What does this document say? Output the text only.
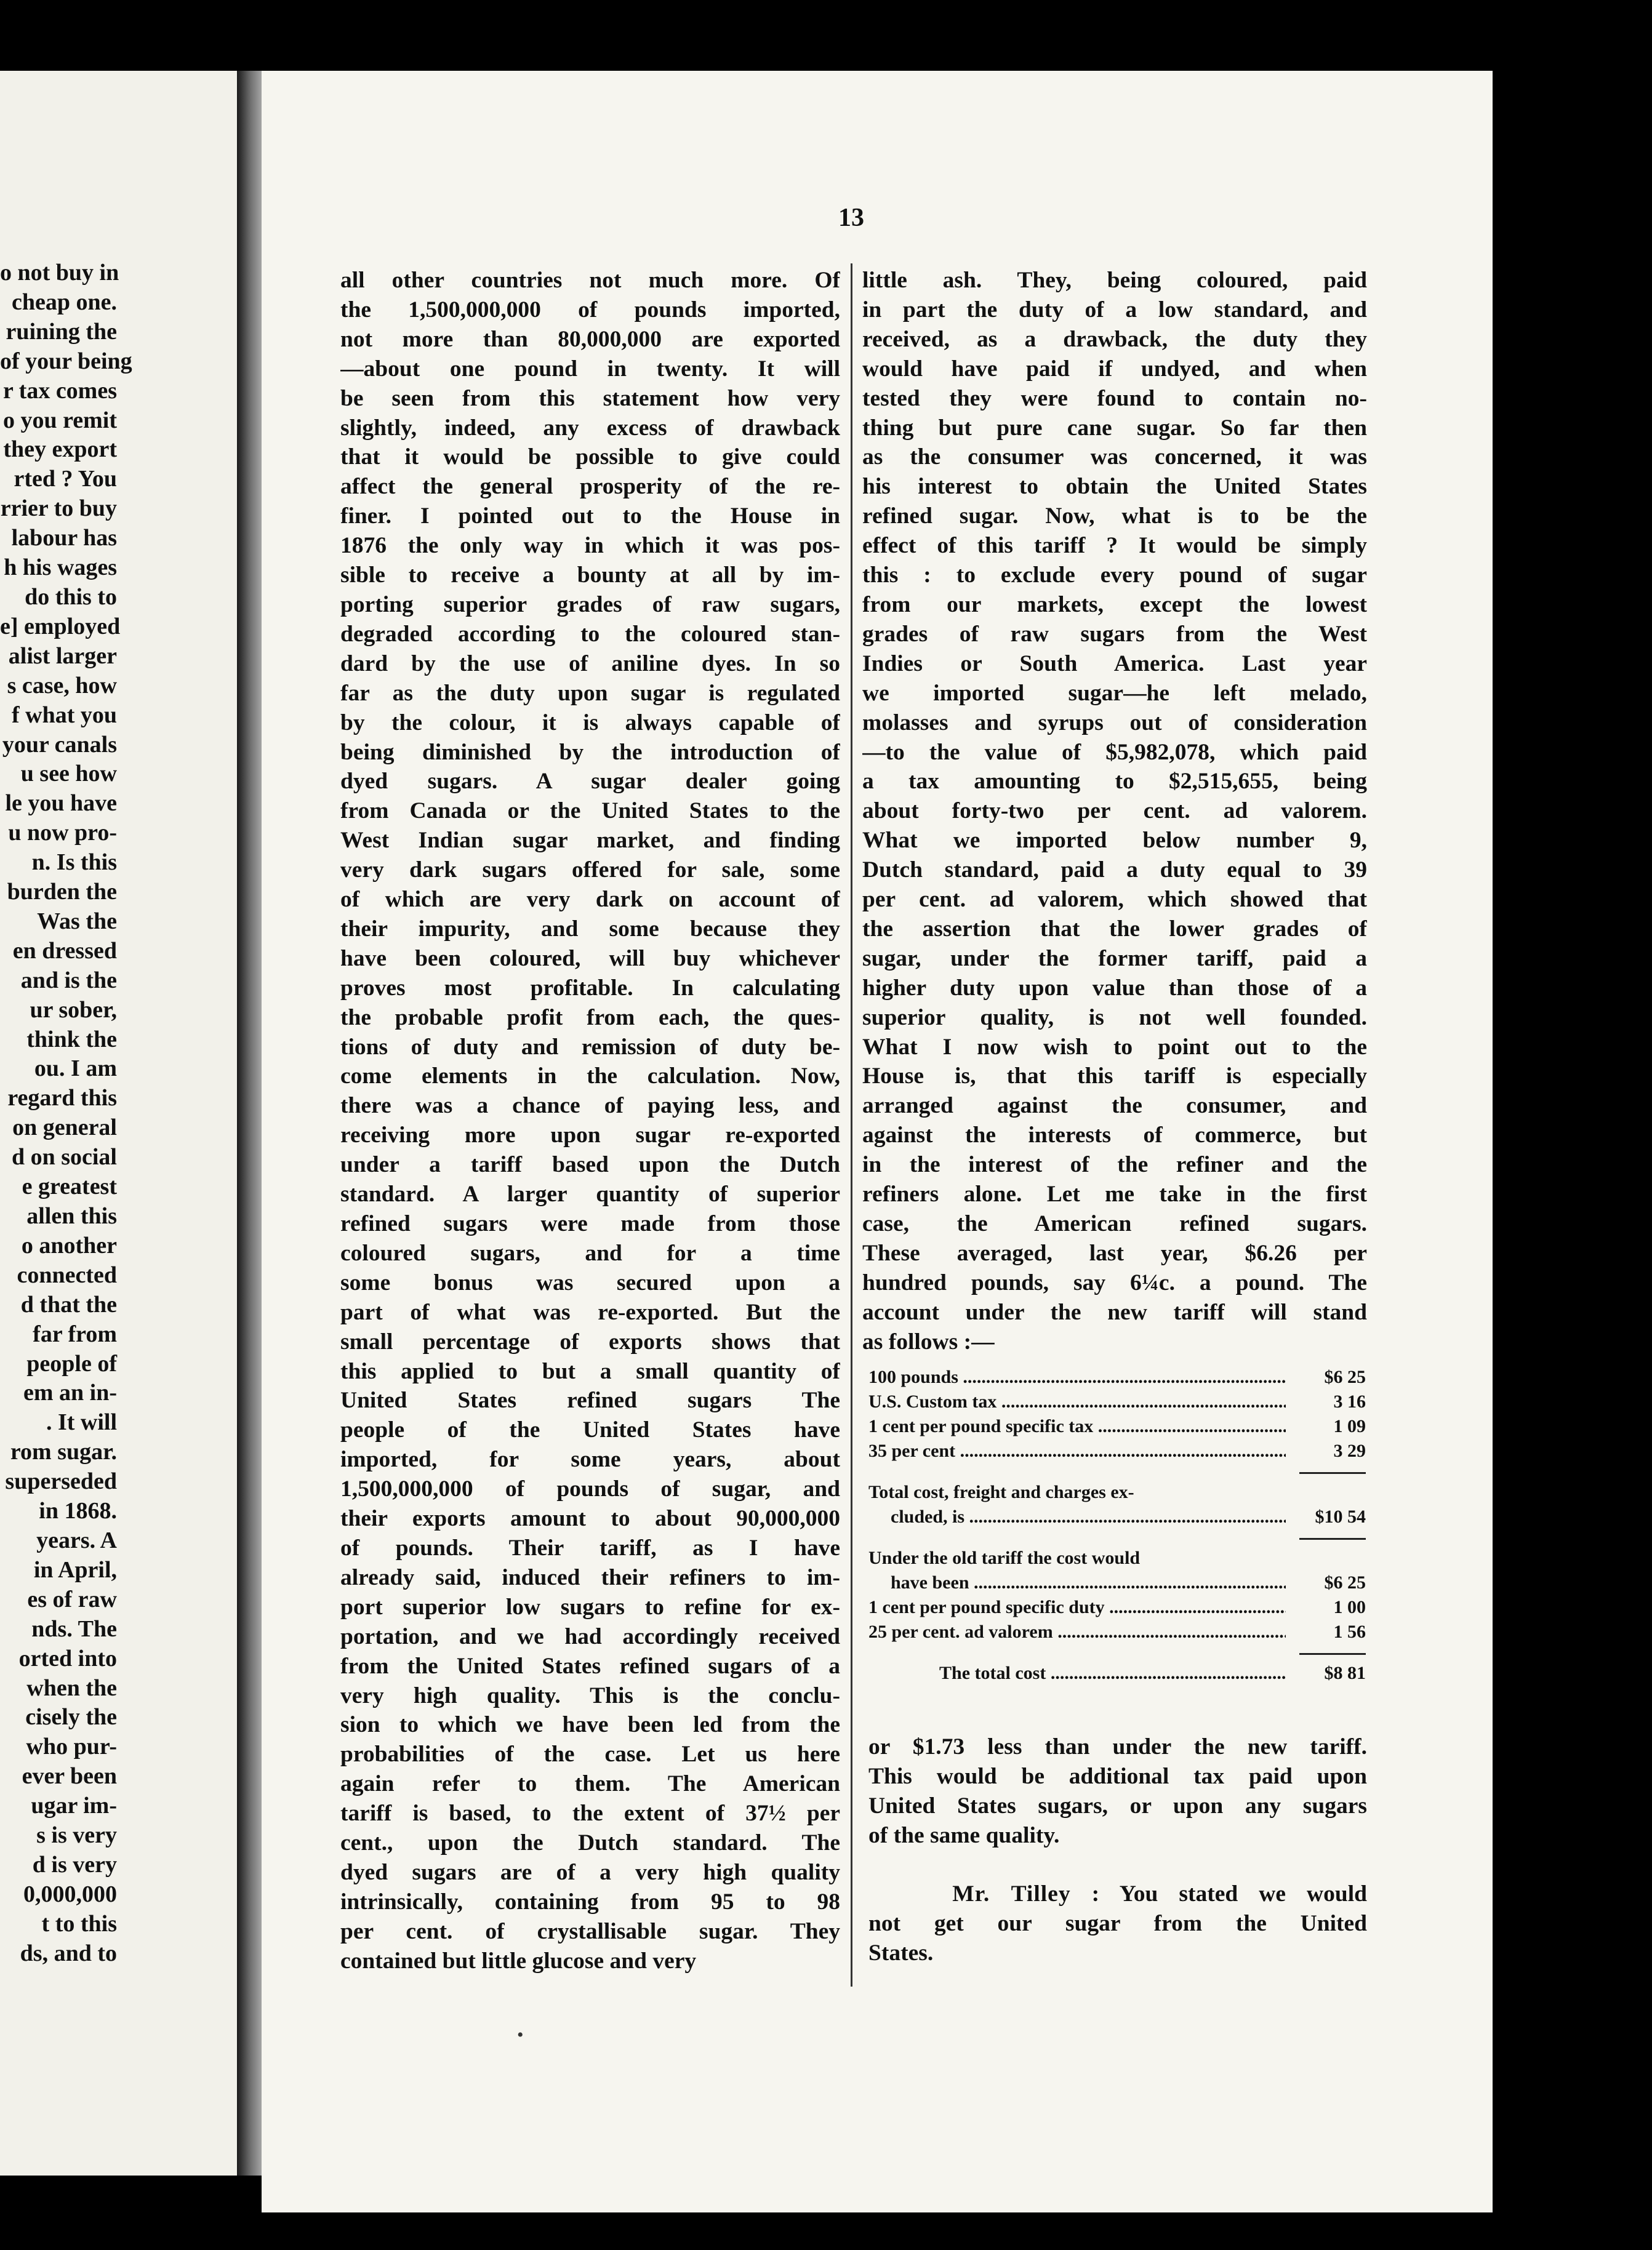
o not buy in
cheap one.
ruining the
of your being
r tax comes
o you remit
they export
rted ? You
rrier to buy
labour has
h his wages
do this to
e] employed
alist larger
s case, how
f what you
your canals
u see how
le you have
u now pro-
n. Is this
burden the
Was the
en dressed
and is the
ur sober,
think the
ou. I am
regard this
on general
d on social
e greatest
allen this
o another
connected
d that the
far from
people of
em an in-
. It will
rom sugar.
superseded
in 1868.
years. A
in April,
es of raw
nds. The
orted into
when the
cisely the
who pur-
ever been
ugar im-
s is very
d is very
0,000,000
t to this
ds, and to
13
all other countries not much more. Of
the 1,500,000,000 of pounds imported,
not more than 80,000,000 are exported
—about one pound in twenty. It will
be seen from this statement how very
slightly, indeed, any excess of drawback
that it would be possible to give could
affect the general prosperity of the re-
finer. I pointed out to the House in
1876 the only way in which it was pos-
sible to receive a bounty at all by im-
porting superior grades of raw sugars,
degraded according to the coloured stan-
dard by the use of aniline dyes. In so
far as the duty upon sugar is regulated
by the colour, it is always capable of
being diminished by the introduction of
dyed sugars. A sugar dealer going
from Canada or the United States to the
West Indian sugar market, and finding
very dark sugars offered for sale, some
of which are very dark on account of
their impurity, and some because they
have been coloured, will buy whichever
proves most profitable. In calculating
the probable profit from each, the ques-
tions of duty and remission of duty be-
come elements in the calculation. Now,
there was a chance of paying less, and
receiving more upon sugar re-exported
under a tariff based upon the Dutch
standard. A larger quantity of superior
refined sugars were made from those
coloured sugars, and for a time
some bonus was secured upon a
part of what was re-exported. But the
small percentage of exports shows that
this applied to but a small quantity of
United States refined sugars The
people of the United States have
imported, for some years, about
1,500,000,000 of pounds of sugar, and
their exports amount to about 90,000,000
of pounds. Their tariff, as I have
already said, induced their refiners to im-
port superior low sugars to refine for ex-
portation, and we had accordingly received
from the United States refined sugars of a
very high quality. This is the conclu-
sion to which we have been led from the
probabilities of the case. Let us here
again refer to them. The American
tariff is based, to the extent of 37½ per
cent., upon the Dutch standard. The
dyed sugars are of a very high quality
intrinsically, containing from 95 to 98
per cent. of crystallisable sugar. They
contained but little glucose and very
little ash. They, being coloured, paid
in part the duty of a low standard, and
received, as a drawback, the duty they
would have paid if undyed, and when
tested they were found to contain no-
thing but pure cane sugar. So far then
as the consumer was concerned, it was
his interest to obtain the United States
refined sugar. Now, what is to be the
effect of this tariff ? It would be simply
this : to exclude every pound of sugar
from our markets, except the lowest
grades of raw sugars from the West
Indies or South America. Last year
we imported sugar—he left melado,
molasses and syrups out of consideration
—to the value of $5,982,078, which paid
a tax amounting to $2,515,655, being
about forty-two per cent. ad valorem.
What we imported below number 9,
Dutch standard, paid a duty equal to 39
per cent. ad valorem, which showed that
the assertion that the lower grades of
sugar, under the former tariff, paid a
higher duty upon value than those of a
superior quality, is not well founded.
What I now wish to point out to the
House is, that this tariff is especially
arranged against the consumer, and
against the interests of commerce, but
in the interest of the refiner and the
refiners alone. Let me take in the first
case, the American refined sugars.
These averaged, last year, $6.26 per
hundred pounds, say 6¼c. a pound. The
account under the new tariff will stand
as follows :—
100 pounds .....	$6 25
U.S. Custom tax .....	3 16
1 cent per pound specific tax .....	1 09
35 per cent .....	3 29
Total cost, freight and charges ex-
cluded, is .....	$10 54
Under the old tariff the cost would
have been .....	$6 25
1 cent per pound specific duty .....	1 00
25 per cent. ad valorem .....	1 56
The total cost .....	$8 81
or $1.73 less than under the new tariff.
This would be additional tax paid upon
United States sugars, or upon any sugars
of the same quality.
Mr. Tilley : You stated we would
not get our sugar from the United
States.
•
